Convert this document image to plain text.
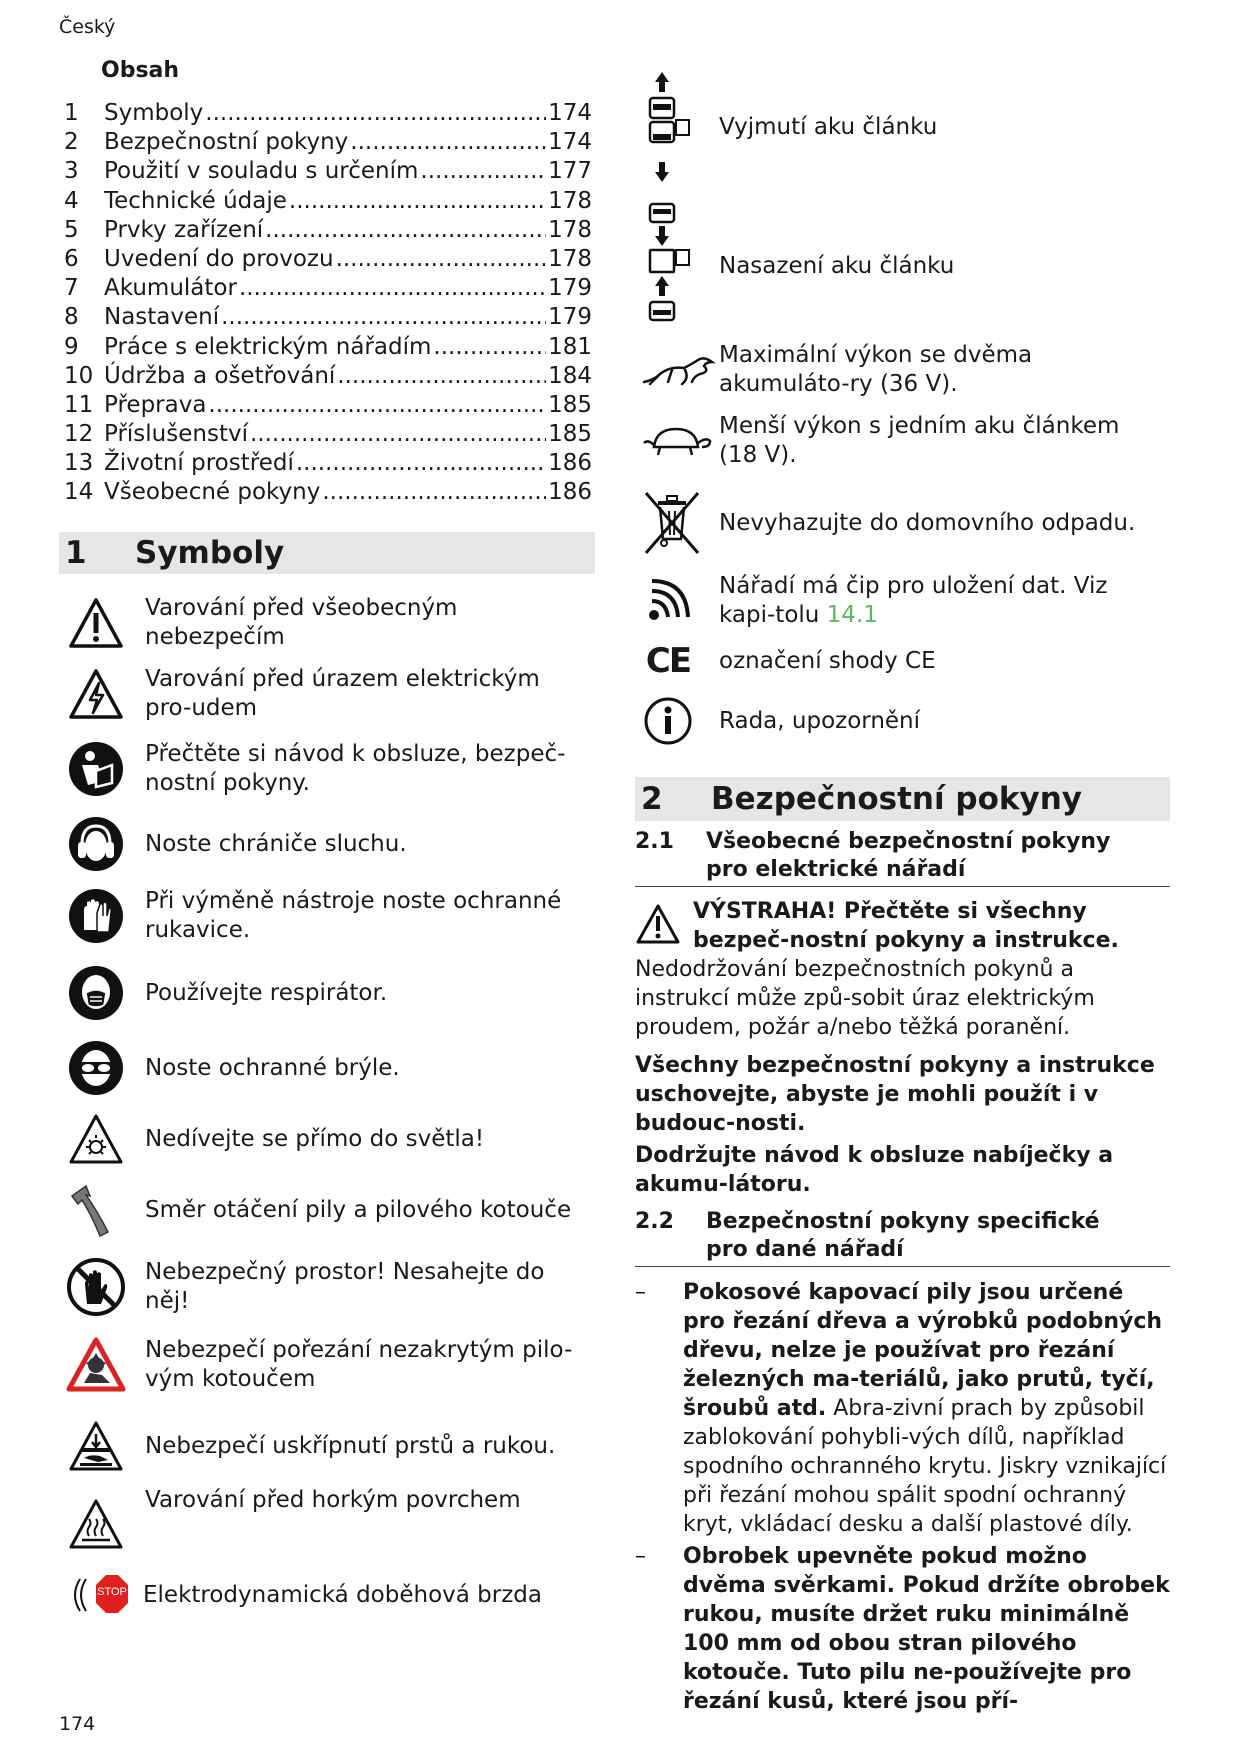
Český
Obsah
1	Symboly .....	174
2	Bezpečnostní pokyny .....	174
3	Použití v souladu s určením .....	177
4	Technické údaje .....	178
5	Prvky zařízení .....	178
6	Uvedení do provozu .....	178
7	Akumulátor .....	179
8	Nastavení .....	179
9	Práce s elektrickým nářadím .....	181
10 Údržba a ošetřování .....	184
11 Přeprava .....	185
12 Příslušenství .....	185
13 Životní prostředí .....	186
14 Všeobecné pokyny .....	186
1	Symboly
Varování před všeobecným nebezpečím
Varování před úrazem elektrickým pro-udem
Přečtěte si návod k obsluze, bezpeč-nostní pokyny.
Noste chrániče sluchu.
Při výměně nástroje noste ochranné rukavice.
Používejte respirátor.
Noste ochranné brýle.
Nedívejte se přímo do světla!
Směr otáčení pily a pilového kotouče
Nebezpečný prostor! Nesahejte do něj!
Nebezpečí pořezání nezakrytým pilo-vým kotoučem
Nebezpečí uskřípnutí prstů a rukou.
Varování před horkým povrchem
STOP Elektrodynamická doběhová brzda
Vyjmutí aku článku
Nasazení aku článku
Maximální výkon se dvěma akumuláto-ry (36 V).
Menší výkon s jedním aku článkem (18 V).
Nevyhazujte do domovního odpadu.
Nářadí má čip pro uložení dat. Viz kapi-tolu 14.1
CE označení shody CE
Rada, upozornění
2	Bezpečnostní pokyny
2.1	Všeobecné bezpečnostní pokyny pro elektrické nářadí
VÝSTRAHA! Přečtěte si všechny bezpeč-nostní pokyny a instrukce. Nedodržování bezpečnostních pokynů a instrukcí může způ-sobit úraz elektrickým proudem, požár a/nebo těžká poranění.
Všechny bezpečnostní pokyny a instrukce uschovejte, abyste je mohli použít i v budouc-nosti.
Dodržujte návod k obsluze nabíječky a akumu-látoru.
2.2	Bezpečnostní pokyny specifické pro dané nářadí
–	Pokosové kapovací pily jsou určené pro řezání dřeva a výrobků podobných dřevu, nelze je používat pro řezání železných ma-teriálů, jako prutů, tyčí, šroubů atd. Abra-zivní prach by způsobil zablokování pohybli-vých dílů, například spodního ochranného krytu. Jiskry vznikající při řezání mohou spálit spodní ochranný kryt, vkládací desku a další plastové díly.
–	Obrobek upevněte pokud možno dvěma svěrkami. Pokud držíte obrobek rukou, musíte držet ruku minimálně 100 mm od obou stran pilového kotouče. Tuto pilu ne-používejte pro řezání kusů, které jsou pří-
174
